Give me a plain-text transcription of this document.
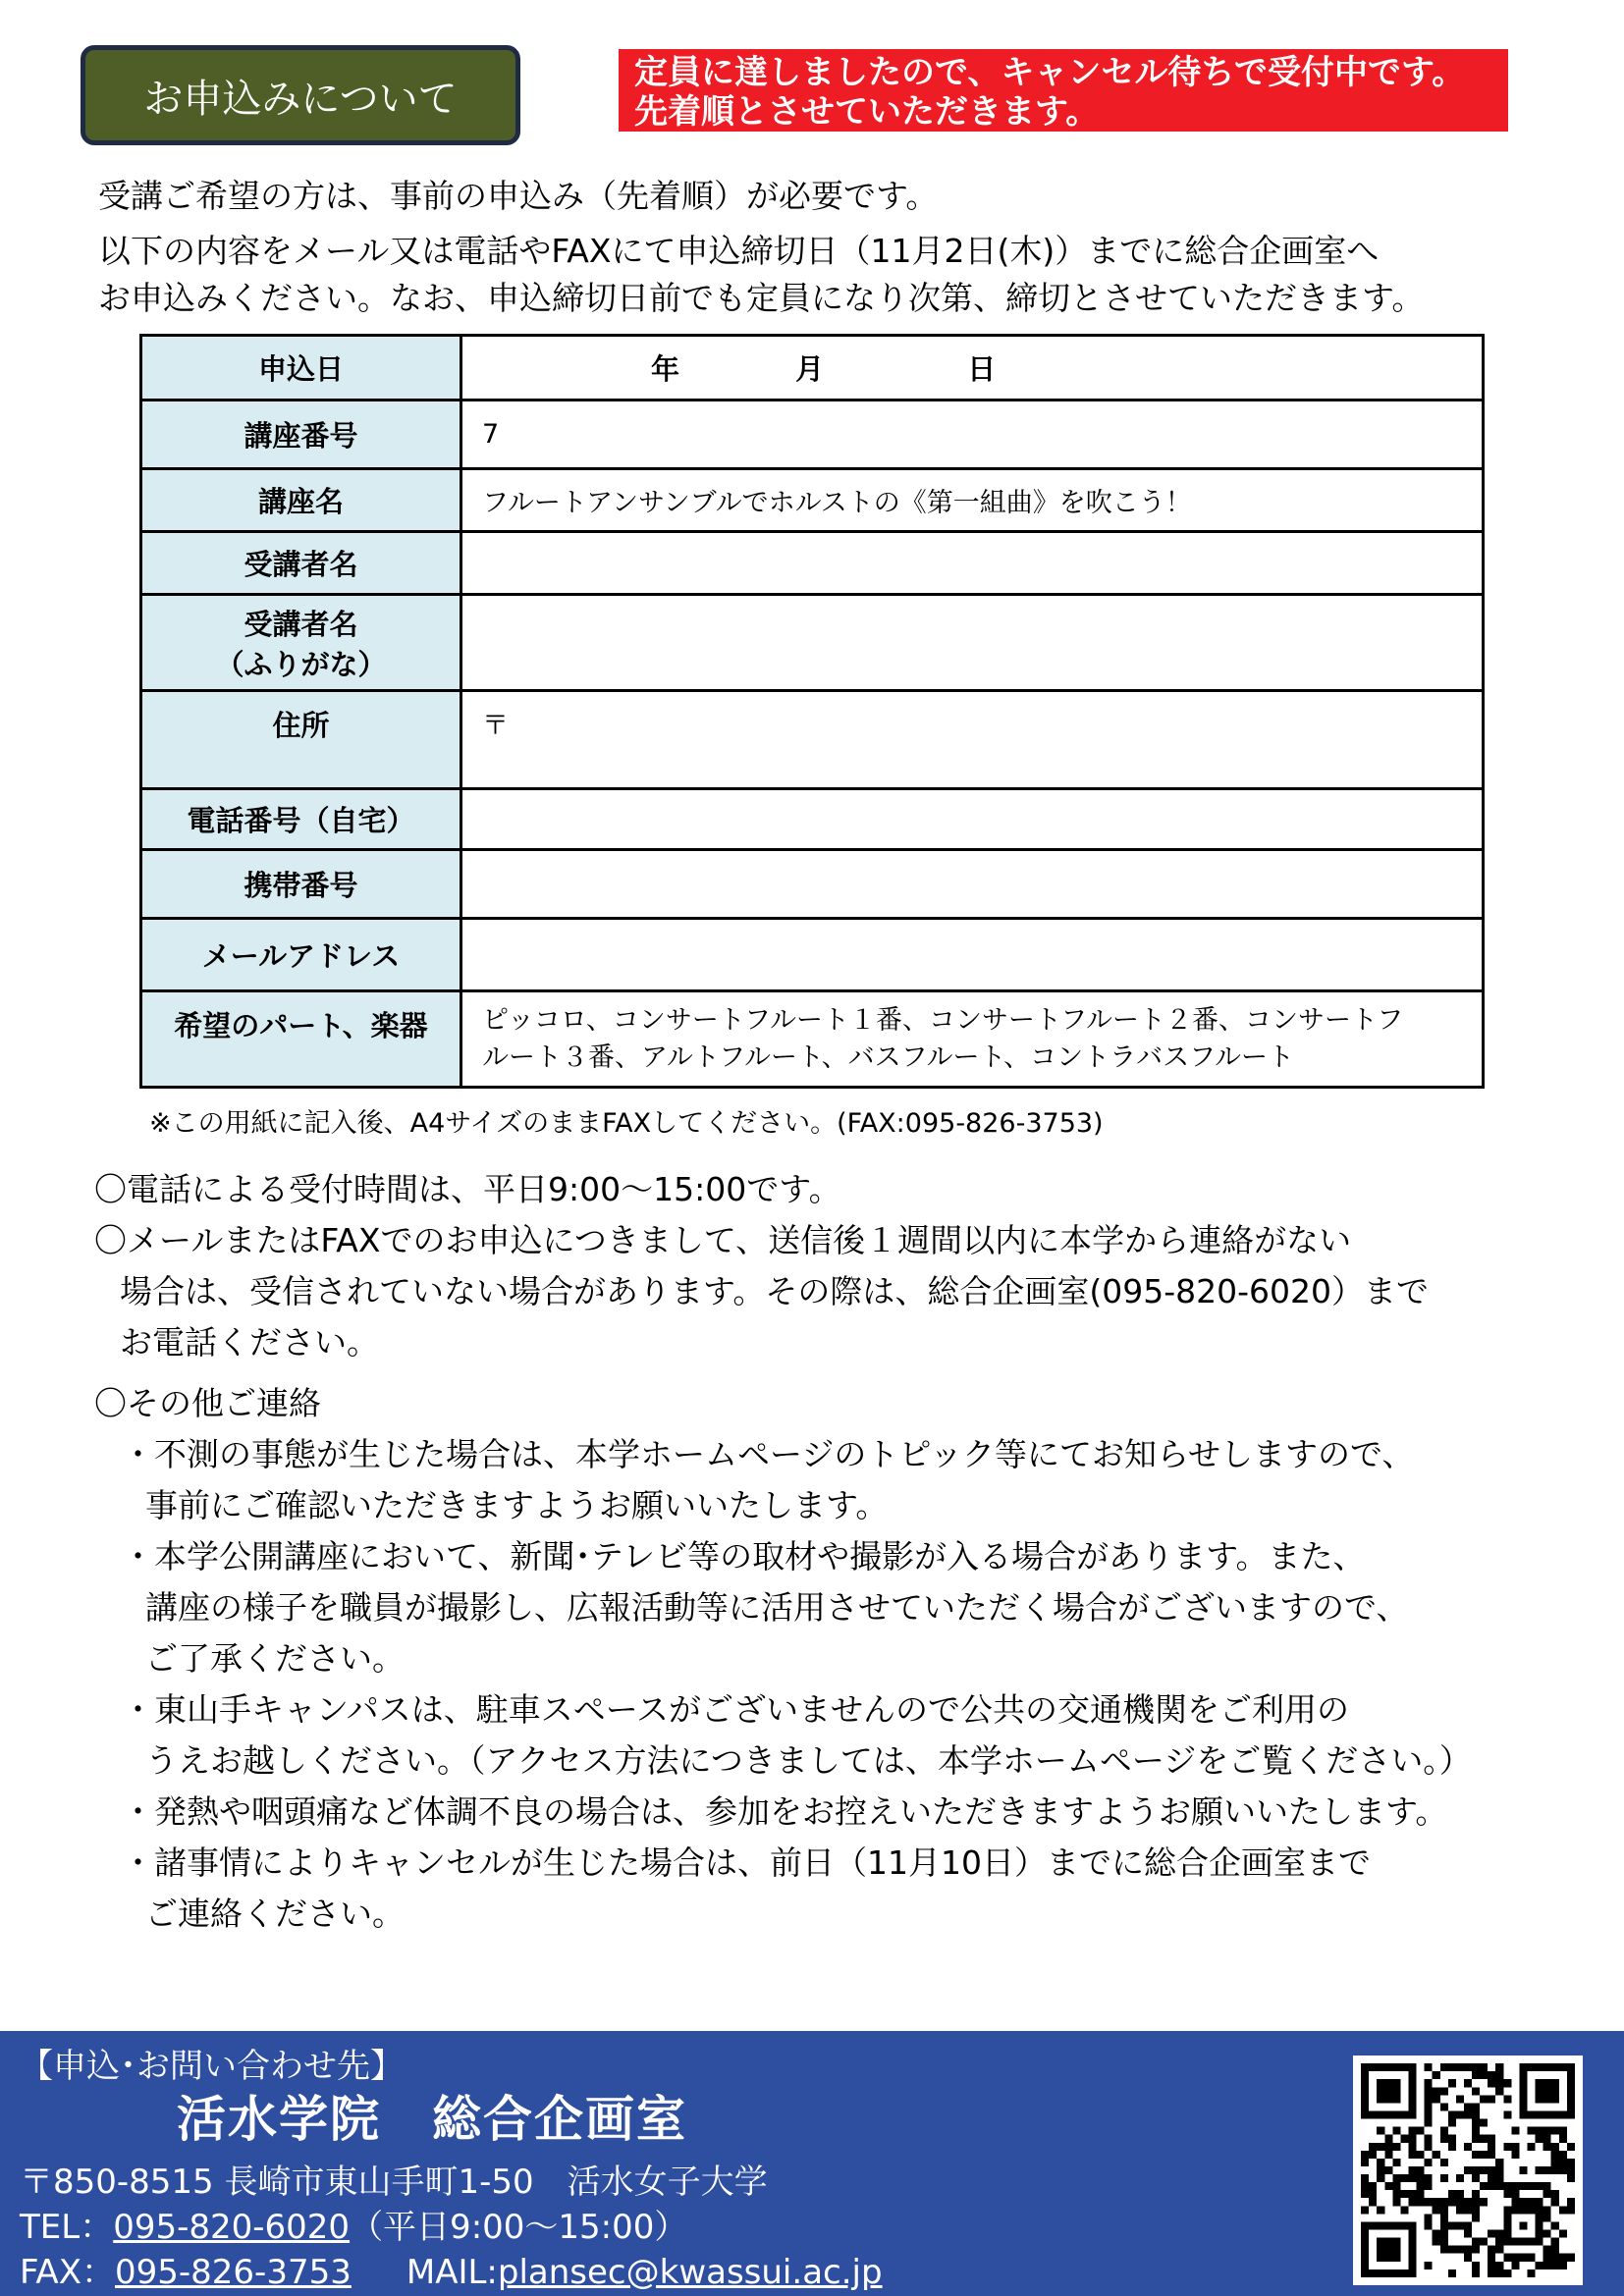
お申込みについて
定員に達しましたので、キャンセル待ちで受付中です。
先着順とさせていただきます。

受講ご希望の方は、事前の申込み（先着順）が必要です。

以下の内容をメール又は電話やFAXにて申込締切日（11月2日(木)）までに総合企画室へ

お申込みください。なお、申込締切日前でも定員になり次第、締切とさせていただきます。

申込日	年 月 日
講座番号	7
講座名	フルートアンサンブルでホルストの《第一組曲》を吹こう！
受講者名	

受講者名
（ふりがな）	

住所	〒
電話番号（自宅）	
携帯番号	
メールアドレス	
希望のパート、楽器	ピッコロ、コンサートフルート１番、コンサートフルート２番、コンサートフ
ルート３番、アルトフルート、バスフルート、コントラバスフルート
※この用紙に記入後、A4サイズのままFAXしてください。(FAX:095-826-3753)

〇電話による受付時間は、平日9:00～15:00です。

〇メールまたはFAXでのお申込につきまして、送信後１週間以内に本学から連絡がない

場合は、受信されていない場合があります。その際は、総合企画室(095-820-6020）まで

お電話ください。

〇その他ご連絡

・不測の事態が生じた場合は、本学ホームページのトピック等にてお知らせしますので、

事前にご確認いただきますようお願いいたします。

・本学公開講座において、新聞･テレビ等の取材や撮影が入る場合があります。また、

講座の様子を職員が撮影し、広報活動等に活用させていただく場合がございますので、

ご了承ください。

・東山手キャンパスは、駐車スペースがございませんので公共の交通機関をご利用の

うえお越しください。（アクセス方法につきましては、本学ホームページをご覧ください。）

・発熱や咽頭痛など体調不良の場合は、参加をお控えいただきますようお願いいたします。

・諸事情によりキャンセルが生じた場合は、前日（11月10日）までに総合企画室まで

ご連絡ください。

【申込･お問い合わせ先】
活水学院　総合企画室
〒850-8515 長崎市東山手町1-50　活水女子大学
TEL：095-820-6020（平日9:00～15:00）
FAX：095-826-3753 MAIL:plansec@kwassui.ac.jp
